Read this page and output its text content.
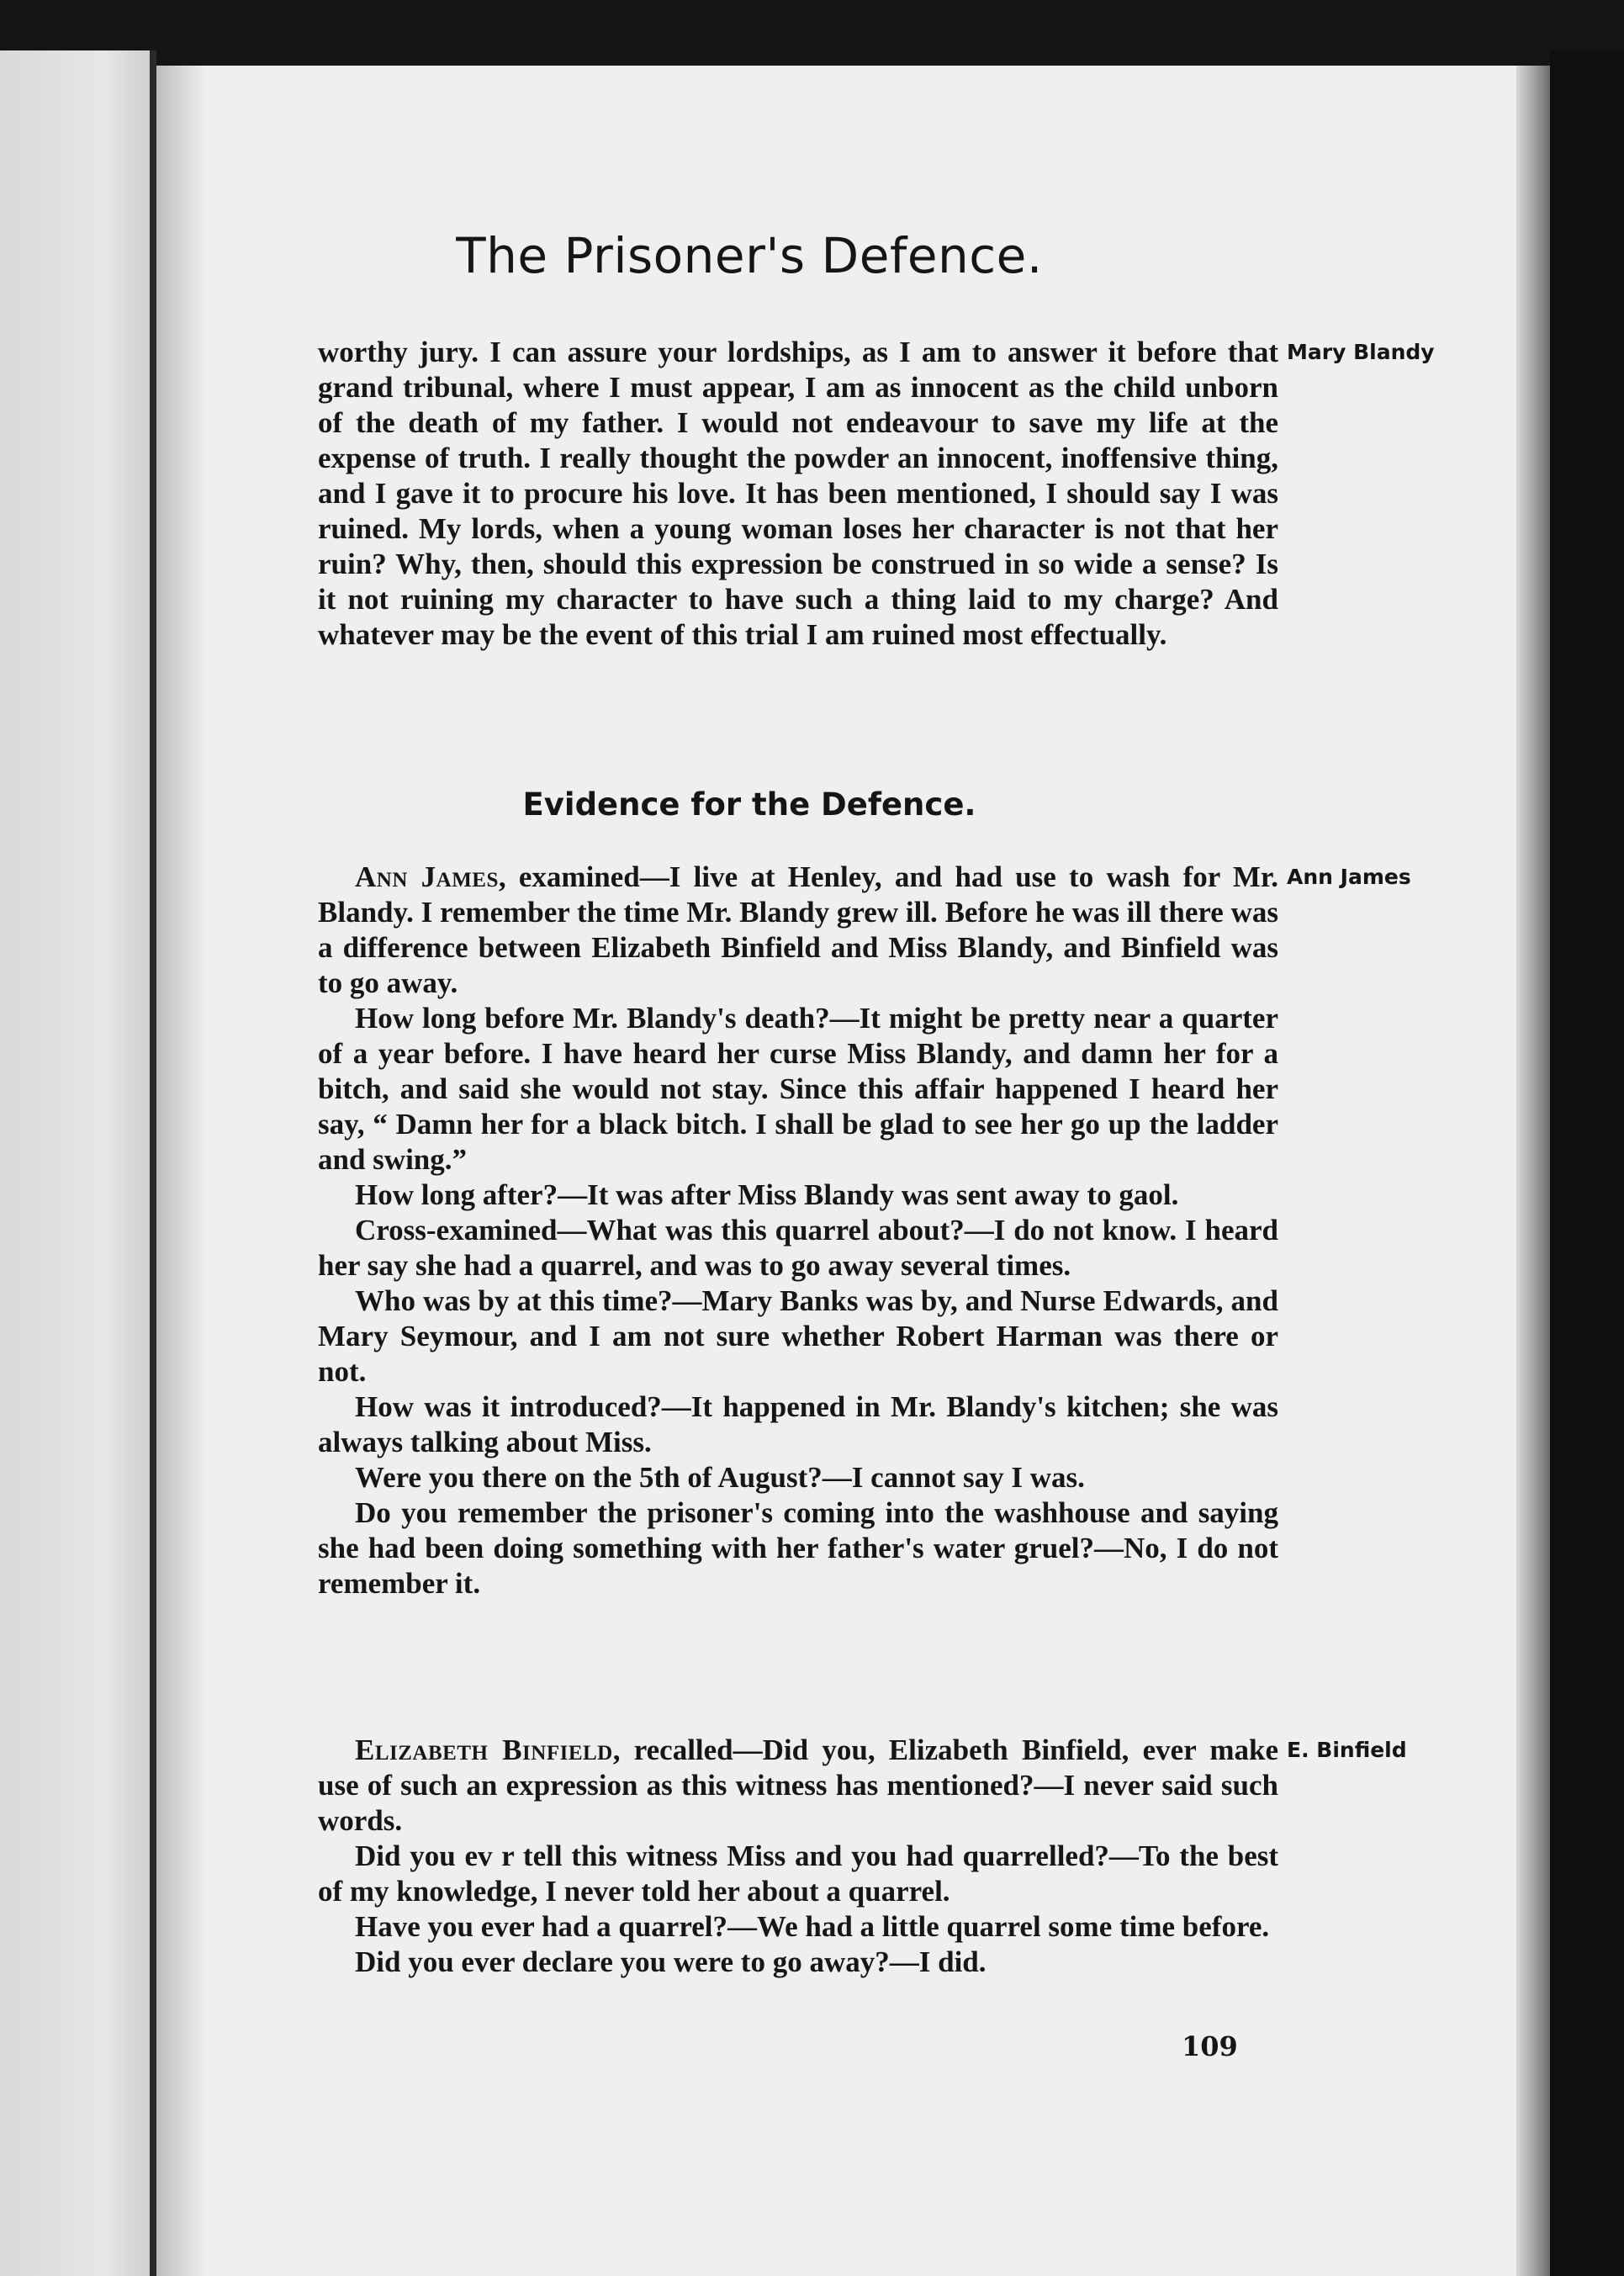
The Prisoner's Defence.
Mary Blandy

worthy jury. I can assure your lordships, as I am to answer it before that grand tribunal, where I must appear, I am as innocent as the child unborn of the death of my father. I would not endeavour to save my life at the expense of truth. I really thought the powder an innocent, inoffensive thing, and I gave it to procure his love. It has been mentioned, I should say I was ruined. My lords, when a young woman loses her character is not that her ruin? Why, then, should this expression be construed in so wide a sense? Is it not ruining my character to have such a thing laid to my charge? And whatever may be the event of this trial I am ruined most effectually.

Evidence for the Defence.
Ann James

Ann James, examined—I live at Henley, and had use to wash for Mr. Blandy. I remember the time Mr. Blandy grew ill. Before he was ill there was a difference between Elizabeth Binfield and Miss Blandy, and Binfield was to go away.

How long before Mr. Blandy's death?—It might be pretty near a quarter of a year before. I have heard her curse Miss Blandy, and damn her for a bitch, and said she would not stay. Since this affair happened I heard her say, “ Damn her for a black bitch. I shall be glad to see her go up the ladder and swing.”

How long after?—It was after Miss Blandy was sent away to gaol.

Cross-examined—What was this quarrel about?—I do not know. I heard her say she had a quarrel, and was to go away several times.

Who was by at this time?—Mary Banks was by, and Nurse Edwards, and Mary Seymour, and I am not sure whether Robert Harman was there or not.

How was it introduced?—It happened in Mr. Blandy's kitchen; she was always talking about Miss.

Were you there on the 5th of August?—I cannot say I was.

Do you remember the prisoner's coming into the washhouse and saying she had been doing something with her father's water gruel?—No, I do not remember it.

E. Binfield

Elizabeth Binfield, recalled—Did you, Elizabeth Binfield, ever make use of such an expression as this witness has mentioned?—I never said such words.

Did you ev r tell this witness Miss and you had quarrelled?—To the best of my knowledge, I never told her about a quarrel.

Have you ever had a quarrel?—We had a little quarrel some time before.

Did you ever declare you were to go away?—I did.

109
